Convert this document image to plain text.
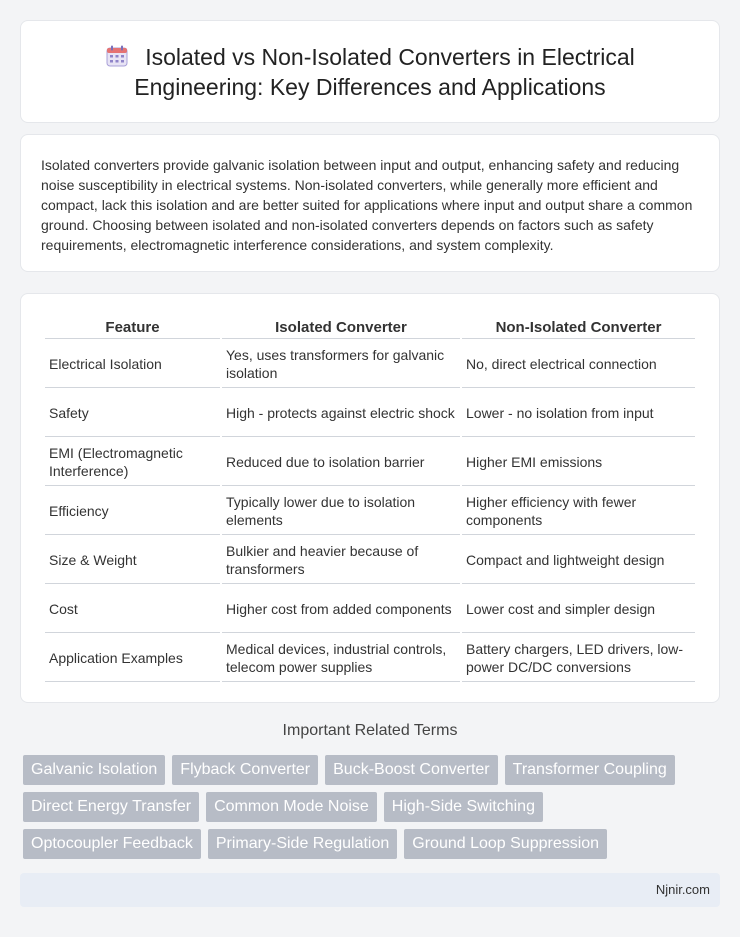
Isolated vs Non-Isolated Converters in Electrical Engineering: Key Differences and Applications

Isolated converters provide galvanic isolation between input and output, enhancing safety and reducing noise susceptibility in electrical systems. Non-isolated converters, while generally more efficient and compact, lack this isolation and are better suited for applications where input and output share a common ground. Choosing between isolated and non-isolated converters depends on factors such as safety requirements, electromagnetic interference considerations, and system complexity.

Feature	Isolated Converter	Non-Isolated Converter
Electrical Isolation	Yes, uses transformers for galvanic isolation	No, direct electrical connection
Safety	High - protects against electric shock	Lower - no isolation from input
EMI (Electromagnetic Interference)	Reduced due to isolation barrier	Higher EMI emissions
Efficiency	Typically lower due to isolation elements	Higher efficiency with fewer components
Size & Weight	Bulkier and heavier because of transformers	Compact and lightweight design
Cost	Higher cost from added components	Lower cost and simpler design
Application Examples	Medical devices, industrial controls, telecom power supplies	Battery chargers, LED drivers, low-power DC/DC conversions
Important Related Terms
Galvanic Isolation	Flyback Converter	Buck-Boost Converter	Transformer Coupling
Direct Energy Transfer	Common Mode Noise	High-Side Switching
Optocoupler Feedback	Primary-Side Regulation	Ground Loop Suppression
Njnir.com
